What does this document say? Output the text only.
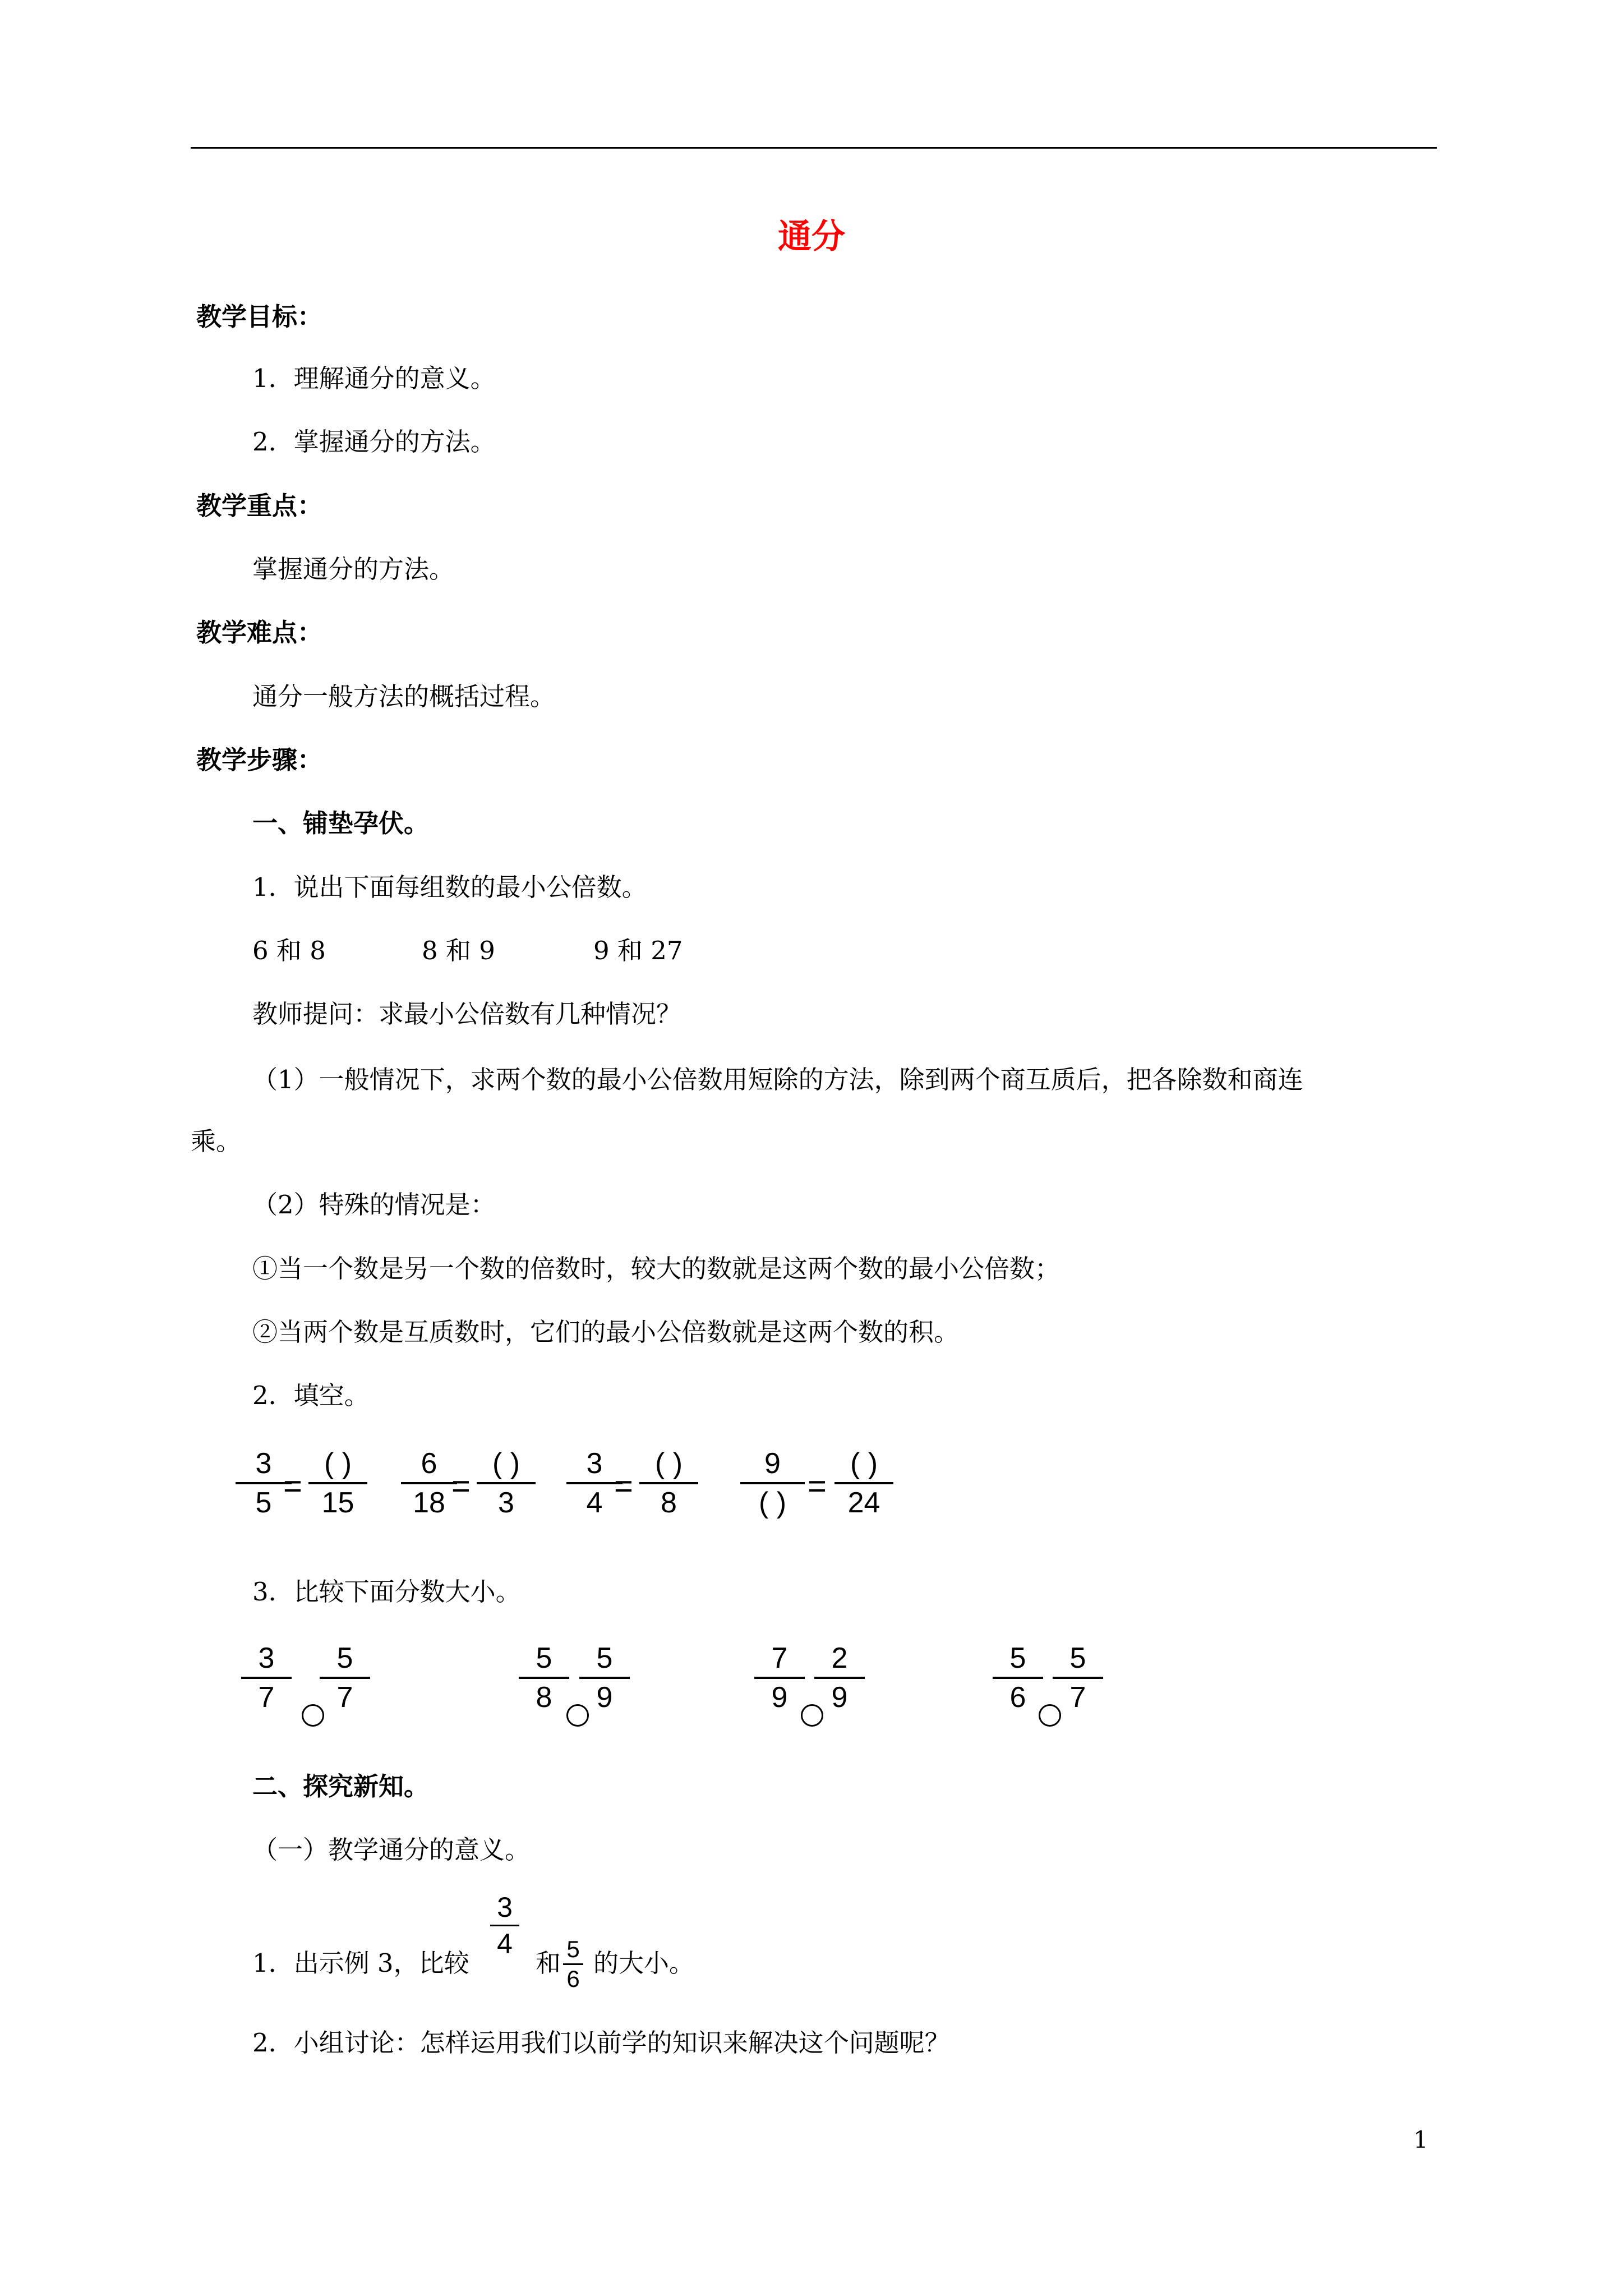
通分
教学目标：
1．理解通分的意义。
2．掌握通分的方法。
教学重点：
掌握通分的方法。
教学难点：
通分一般方法的概括过程。
教学步骤：
一、铺垫孕伏。
1．说出下面每组数的最小公倍数。
6 和 8	8 和 9	9 和 27
教师提问：求最小公倍数有几种情况？
（1）一般情况下，求两个数的最小公倍数用短除的方法，除到两个商互质后，把各除数和商连
乘。
（2）特殊的情况是：
①当一个数是另一个数的倍数时，较大的数就是这两个数的最小公倍数；
②当两个数是互质数时，它们的最小公倍数就是这两个数的积。
2．填空。
3
5 =
( )
15
6
18 =
( )
3
3
4 =
( )
8
9
( ) =
( )
24
3．比较下面分数大小。
3
7
5
7
5
8
5
9
7
9
2
9
5
6
5
7
二、探究新知。
（一）教学通分的意义。
1．出示例 3，比较
3
4
和 5
6
的大小。
2．小组讨论：怎样运用我们以前学的知识来解决这个问题呢？
1
